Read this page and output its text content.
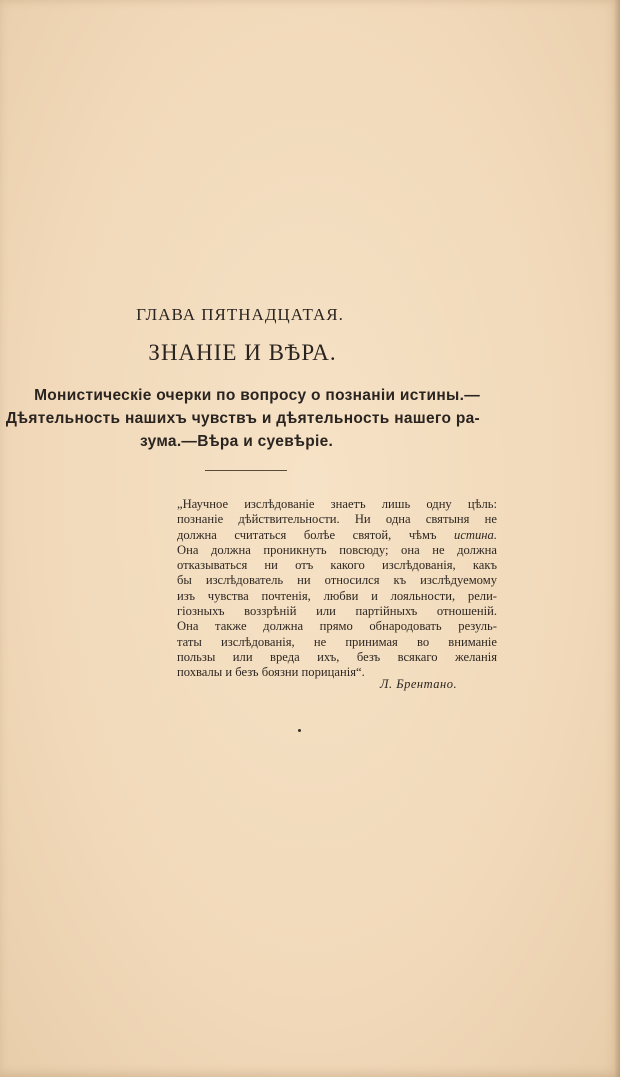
ГЛАВА ПЯТНАДЦАТАЯ.
ЗНАНІЕ И ВѢРА.
Монистическіе очерки по вопросу о познаніи истины.—
Дѣятельность нашихъ чувствъ и дѣятельность нашего ра-
зума.—Вѣра и суевѣріе.
„Научное изслѣдованіе знаетъ лишь одну цѣль:
познаніе дѣйствительности. Ни одна святыня не
должна считаться болѣе святой, чѣмъ истина.
Она должна проникнуть повсюду; она не должна
отказываться ни отъ какого изслѣдованія, какъ
бы изслѣдователь ни относился къ изслѣдуемому
изъ чувства почтенія, любви и лояльности, рели-
гіозныхъ воззрѣній или партійныхъ отношеній.
Она также должна прямо обнародовать резуль-
таты изслѣдованія, не принимая во вниманіе
пользы или вреда ихъ, безъ всякаго желанія
похвалы и безъ боязни порицанія“.
Л. Брентано.
